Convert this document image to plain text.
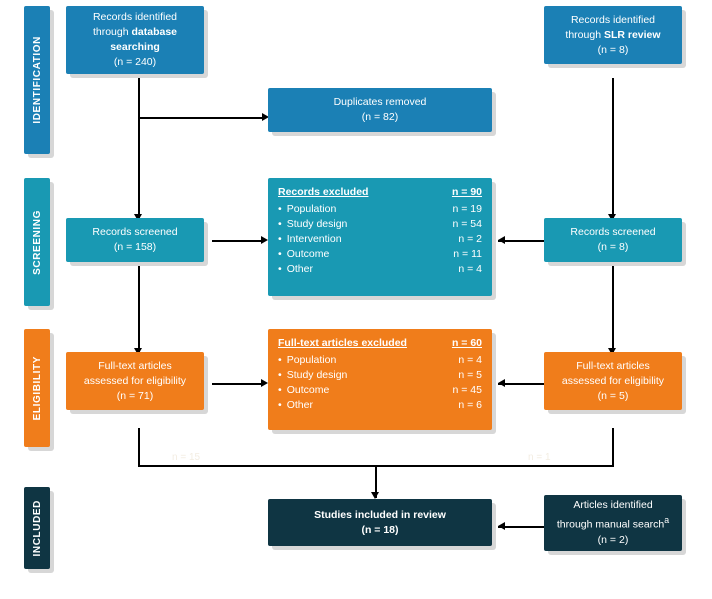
IDENTIFICATION
SCREENING
ELIGIBILITY
INCLUDED
n = 15	n = 1
Records identified
through database
searching
(n = 240)
Records identified
through SLR review
(n = 8)
Duplicates removed
(n = 82)
Records screened
(n = 158)
Records screened
(n = 8)
Records excluded	n = 90
• Population	n = 19
• Study design	n = 54
• Intervention	n = 2
• Outcome	n = 11
• Other	n = 4
Full-text articles
assessed for eligibility
(n = 71)
Full-text articles
assessed for eligibility
(n = 5)
Full-text articles excluded	n = 60
• Population	n = 4
• Study design	n = 5
• Outcome	n = 45
• Other	n = 6
Studies included in review
(n = 18)
Articles identified
through manual search$^a$
(n = 2)
